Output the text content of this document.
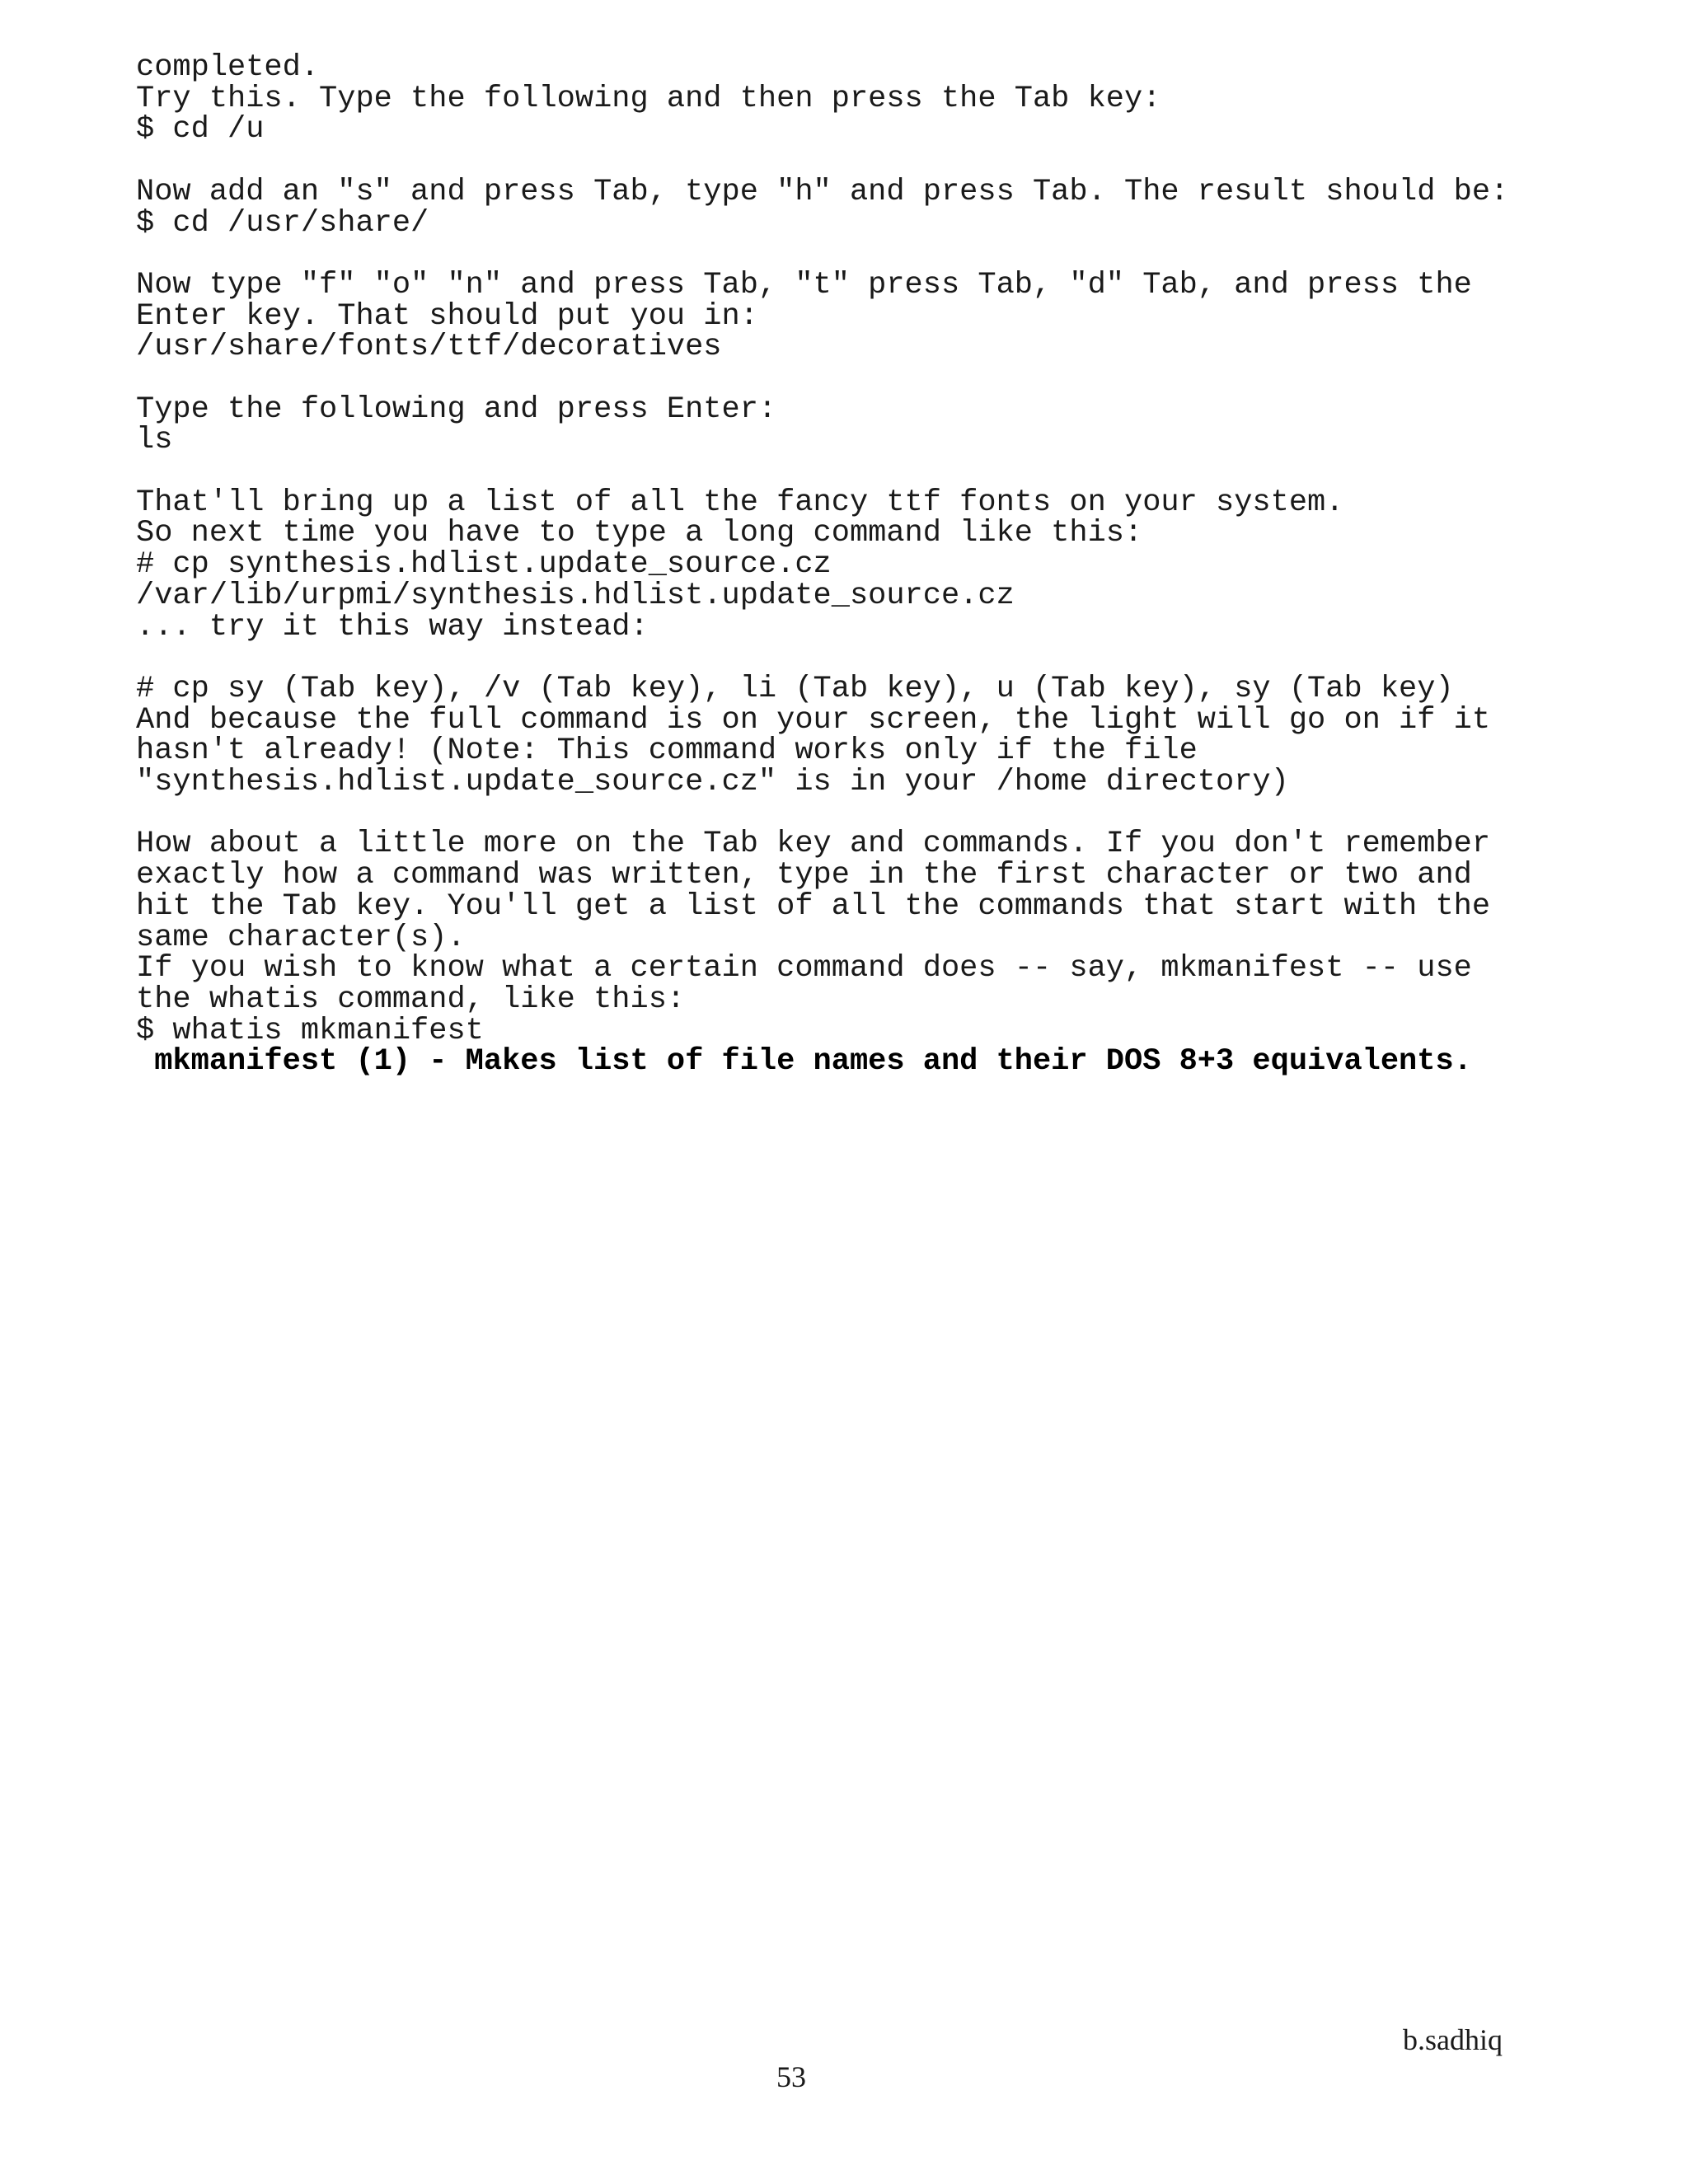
completed.
Try this. Type the following and then press the Tab key:
$ cd /u
Now add an "s" and press Tab, type "h" and press Tab. The result should be:
$ cd /usr/share/
Now type "f" "o" "n" and press Tab, "t" press Tab, "d" Tab, and press the
Enter key. That should put you in:
/usr/share/fonts/ttf/decoratives
Type the following and press Enter:
ls
That'll bring up a list of all the fancy ttf fonts on your system.
So next time you have to type a long command like this:
# cp synthesis.hdlist.update_source.cz
/var/lib/urpmi/synthesis.hdlist.update_source.cz
... try it this way instead:
# cp sy (Tab key), /v (Tab key), li (Tab key), u (Tab key), sy (Tab key)
And because the full command is on your screen, the light will go on if it
hasn't already! (Note: This command works only if the file
"synthesis.hdlist.update_source.cz" is in your /home directory)
How about a little more on the Tab key and commands. If you don't remember
exactly how a command was written, type in the first character or two and
hit the Tab key. You'll get a list of all the commands that start with the
same character(s).
If you wish to know what a certain command does -- say, mkmanifest -- use
the whatis command, like this:
$ whatis mkmanifest
mkmanifest (1) - Makes list of file names and their DOS 8+3 equivalents.
b.sadhiq
53
